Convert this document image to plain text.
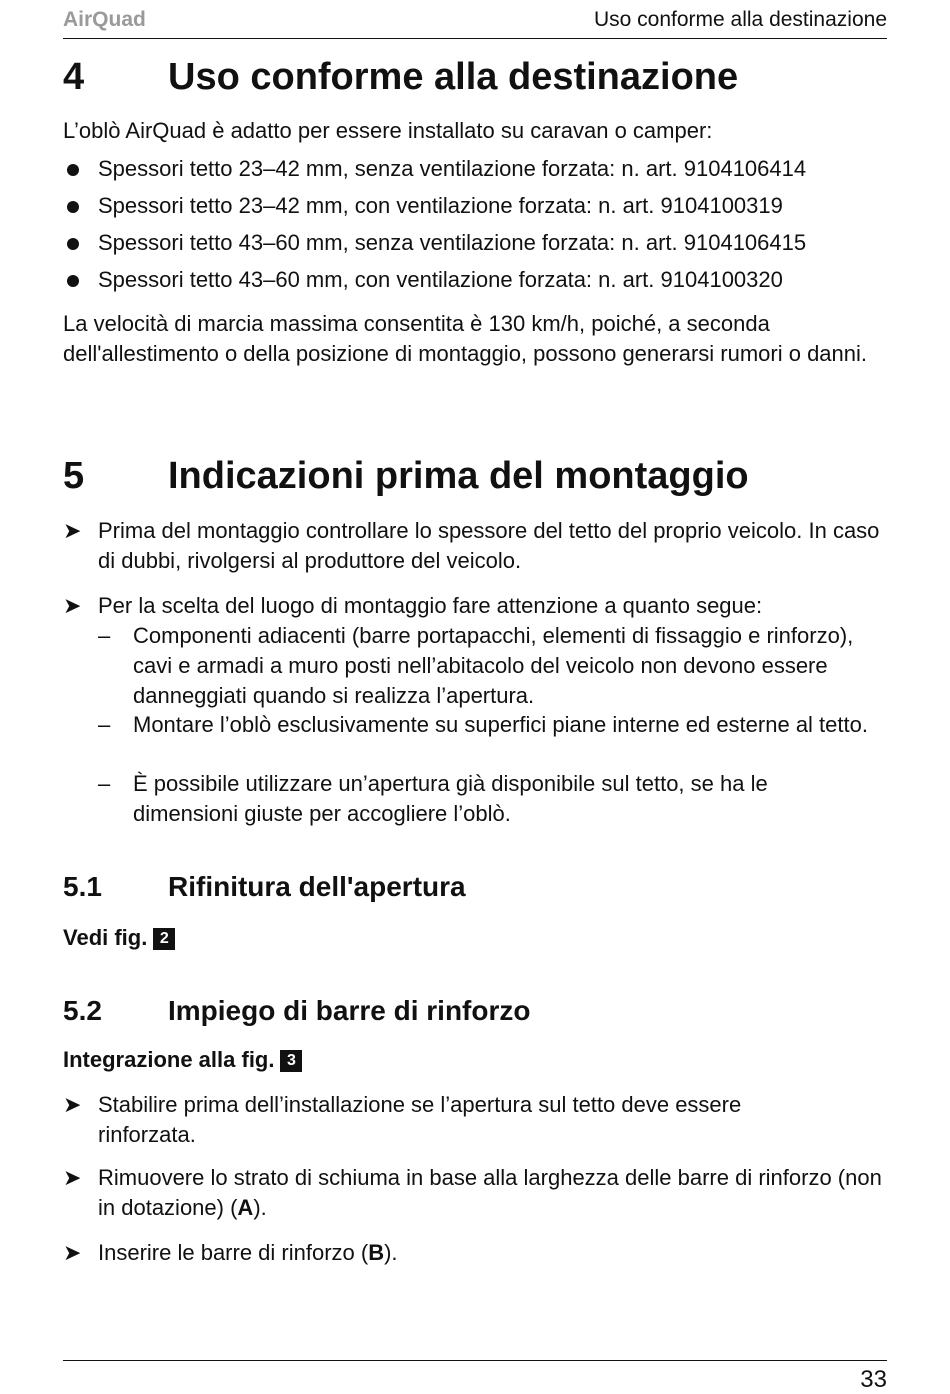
AirQuad	Uso conforme alla destinazione
4 Uso conforme alla destinazione
L’oblò AirQuad è adatto per essere installato su caravan o camper:
Spessori tetto 23–42 mm, senza ventilazione forzata: n. art. 9104106414
Spessori tetto 23–42 mm, con ventilazione forzata: n. art. 9104100319
Spessori tetto 43–60 mm, senza ventilazione forzata: n. art. 9104106415
Spessori tetto 43–60 mm, con ventilazione forzata: n. art. 9104100320
La velocità di marcia massima consentita è 130 km/h, poiché, a seconda dell'allestimento o della posizione di montaggio, possono generarsi rumori o danni.
5 Indicazioni prima del montaggio
➤ Prima del montaggio controllare lo spessore del tetto del proprio veicolo. In caso di dubbi, rivolgersi al produttore del veicolo.
➤ Per la scelta del luogo di montaggio fare attenzione a quanto segue:
– Componenti adiacenti (barre portapacchi, elementi di fissaggio e rinforzo), cavi e armadi a muro posti nell’abitacolo del veicolo non devono essere danneggiati quando si realizza l’apertura.
– Montare l’oblò esclusivamente su superfici piane interne ed esterne al tetto.
– È possibile utilizzare un’apertura già disponibile sul tetto, se ha le dimensioni giuste per accogliere l’oblò.
5.1 Rifinitura dell'apertura
Vedi fig. 2
5.2 Impiego di barre di rinforzo
Integrazione alla fig. 3
➤ Stabilire prima dell’installazione se l’apertura sul tetto deve essere rinforzata.
➤ Rimuovere lo strato di schiuma in base alla larghezza delle barre di rinforzo (non in dotazione) (A).
➤ Inserire le barre di rinforzo (B).
33
